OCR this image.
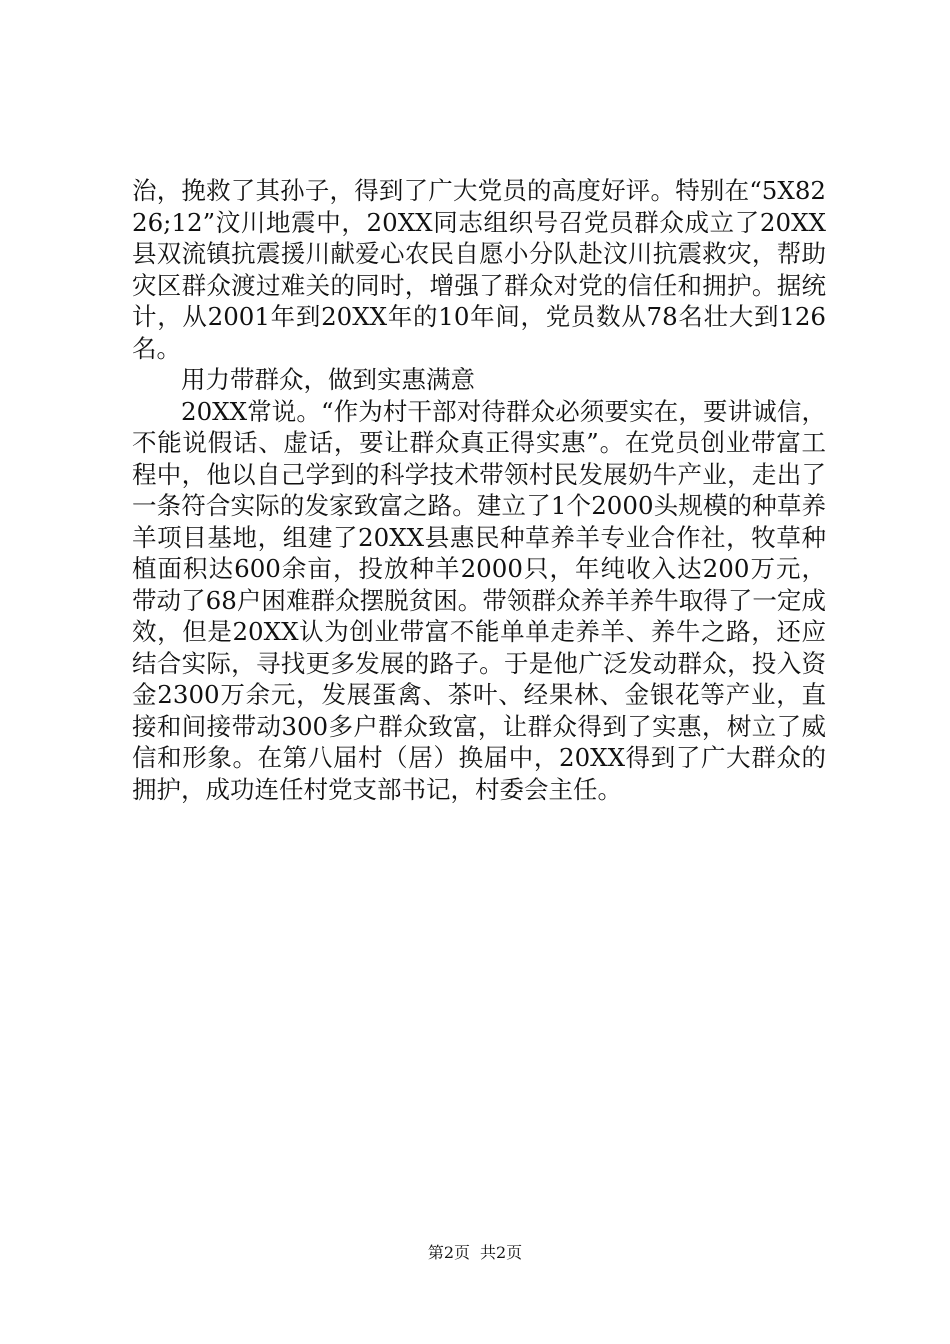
治，挽救了其孙子，得到了广大党员的高度好评。特别在“5X8226;12”汶川地震中，20XX同志组织号召党员群众成立了20XX县双流镇抗震援川献爱心农民自愿小分队赴汶川抗震救灾，帮助灾区群众渡过难关的同时，增强了群众对党的信任和拥护。据统计，从2001年到20XX年的10年间，党员数从78名壮大到126名。

用力带群众，做到实惠满意

20XX常说。“作为村干部对待群众必须要实在，要讲诚信，不能说假话、虚话，要让群众真正得实惠”。在党员创业带富工程中，他以自己学到的科学技术带领村民发展奶牛产业，走出了一条符合实际的发家致富之路。建立了1个2000头规模的种草养羊项目基地，组建了20XX县惠民种草养羊专业合作社，牧草种植面积达600余亩，投放种羊2000只，年纯收入达200万元，带动了68户困难群众摆脱贫困。带领群众养羊养牛取得了一定成效，但是20XX认为创业带富不能单单走养羊、养牛之路，还应结合实际，寻找更多发展的路子。于是他广泛发动群众，投入资金2300万余元，发展蛋禽、茶叶、经果林、金银花等产业，直接和间接带动300多户群众致富，让群众得到了实惠，树立了威信和形象。在第八届村（居）换届中，20XX得到了广大群众的拥护，成功连任村党支部书记，村委会主任。

第2页 共2页
